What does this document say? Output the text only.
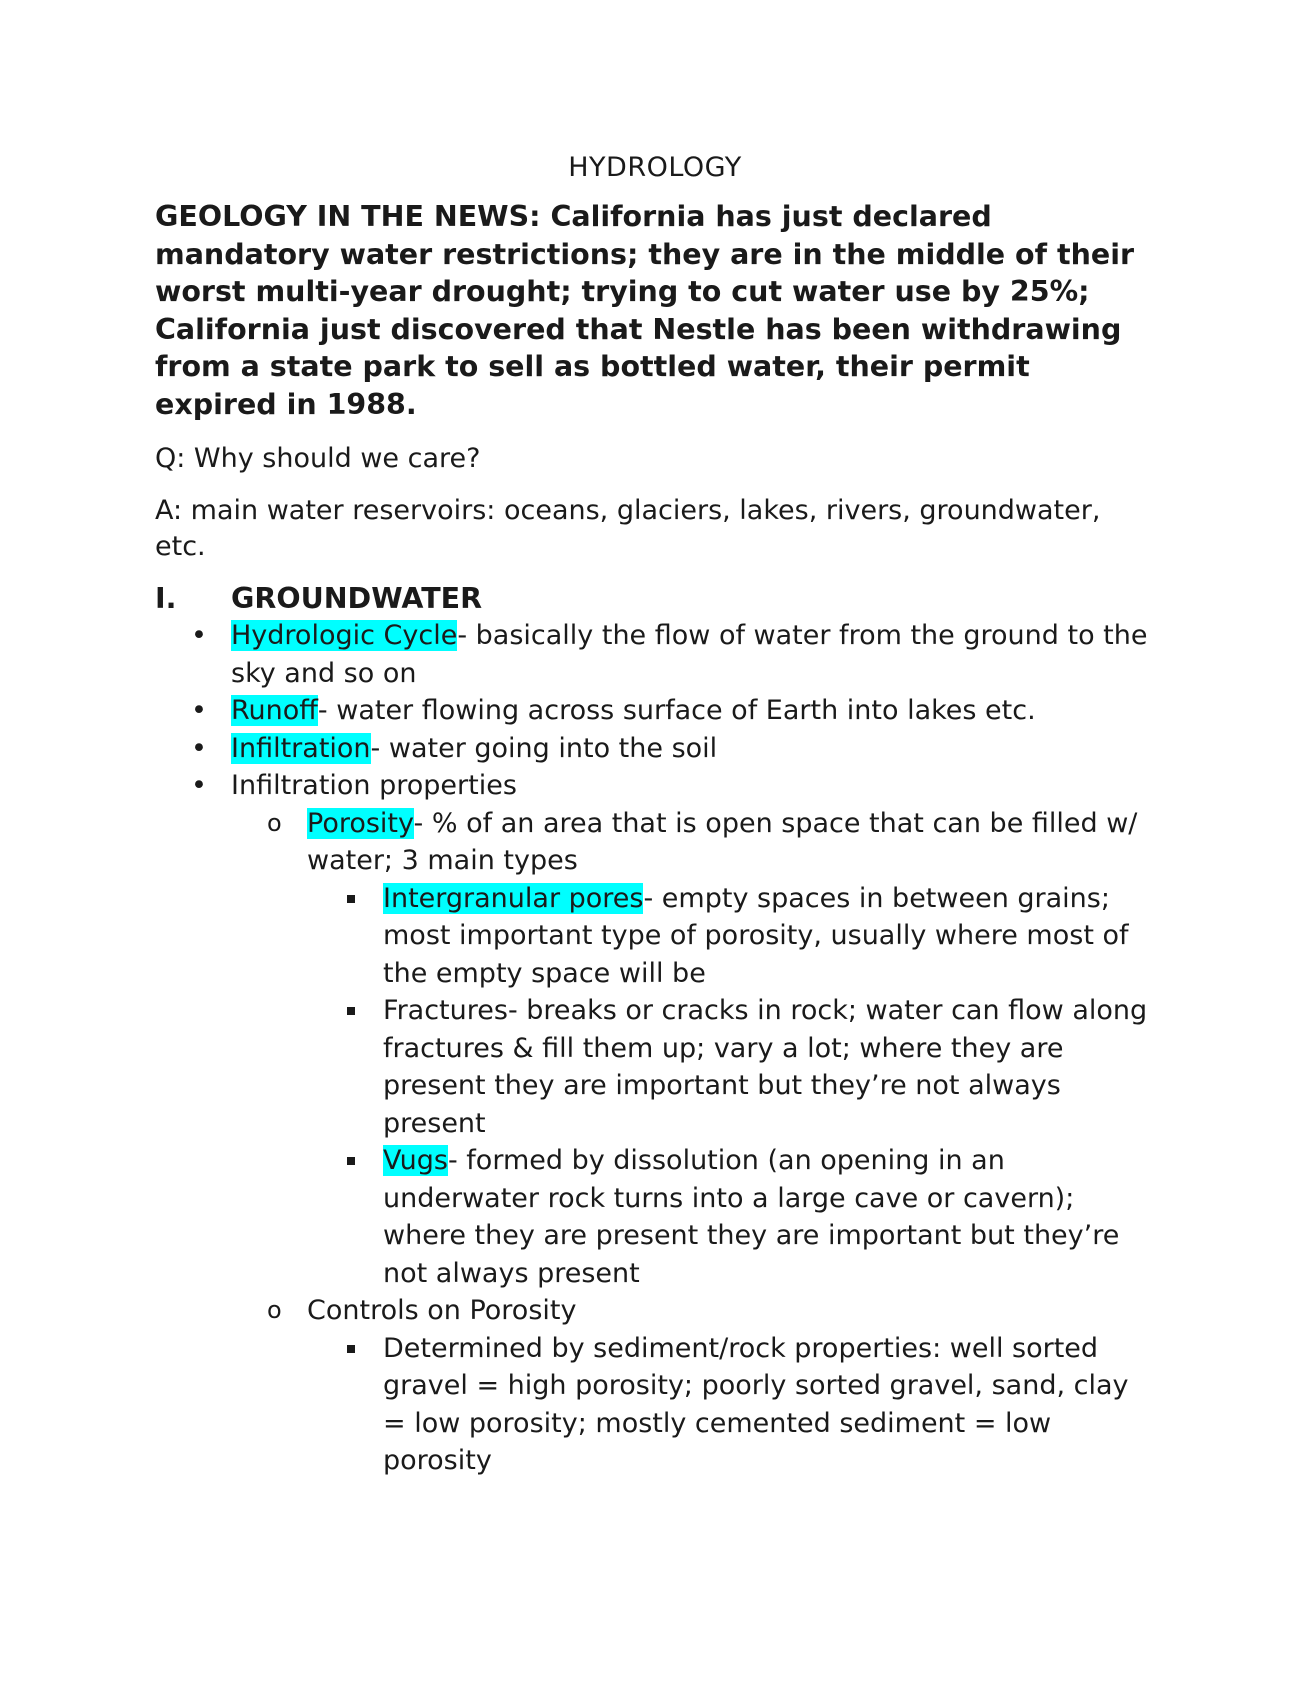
HYDROLOGY

GEOLOGY IN THE NEWS: California has just declared mandatory water restrictions; they are in the middle of their worst multi-year drought; trying to cut water use by 25%; California just discovered that Nestle has been withdrawing from a state park to sell as bottled water, their permit expired in 1988.

Q: Why should we care?

A: main water reservoirs: oceans, glaciers, lakes, rivers, groundwater, etc.

I.	GROUNDWATER
• Hydrologic Cycle- basically the flow of water from the ground to the sky and so on
• Runoff- water flowing across surface of Earth into lakes etc.
• Infiltration- water going into the soil
• Infiltration properties
o Porosity- % of an area that is open space that can be filled w/ water; 3 main types
Intergranular pores- empty spaces in between grains; most important type of porosity, usually where most of the empty space will be
Fractures- breaks or cracks in rock; water can flow along fractures & fill them up; vary a lot; where they are present they are important but they’re not always present
Vugs- formed by dissolution (an opening in an underwater rock turns into a large cave or cavern); where they are present they are important but they’re not always present
o Controls on Porosity
Determined by sediment/rock properties: well sorted gravel = high porosity; poorly sorted gravel, sand, clay = low porosity; mostly cemented sediment = low porosity
